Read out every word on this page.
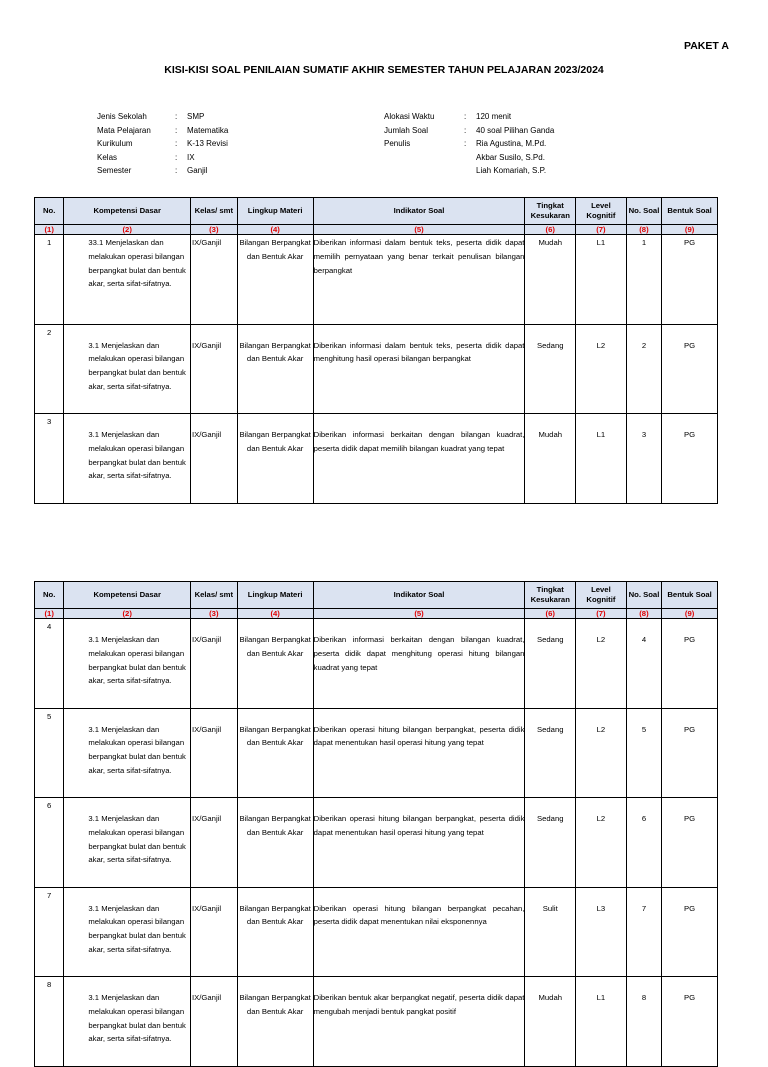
PAKET A
KISI-KISI SOAL PENILAIAN SUMATIF AKHIR SEMESTER TAHUN PELAJARAN 2023/2024
Jenis Sekolah	:	SMP
Mata Pelajaran	:	Matematika
Kurikulum	:	K-13 Revisi
Kelas	:	IX
Semester	:	Ganjil
Alokasi Waktu	:	120 menit
Jumlah Soal	:	40 soal Pilihan Ganda
Penulis	:	Ria Agustina, M.Pd.
Akbar Susilo, S.Pd.
Liah Komariah, S.P.
No.	Kompetensi Dasar	Kelas/ smt	Lingkup Materi	Indikator Soal	Tingkat Kesukaran	Level Kognitif	No. Soal	Bentuk Soal
(1)	(2)	(3)	(4)	(5)	(6)	(7)	(8)	(9)
1	33.1 Menjelaskan dan melakukan operasi bilangan berpangkat bulat dan bentuk akar, serta sifat-sifatnya.	IX/Ganjil	Bilangan Berpangkat dan Bentuk Akar	Diberikan informasi dalam bentuk teks, peserta didik dapat memilih pernyataan yang benar terkait penulisan bilangan berpangkat	Mudah	L1	1	PG
2	3.1 Menjelaskan dan melakukan operasi bilangan berpangkat bulat dan bentuk akar, serta sifat-sifatnya.	IX/Ganjil	Bilangan Berpangkat dan Bentuk Akar	Diberikan informasi dalam bentuk teks, peserta didik dapat menghitung hasil operasi bilangan berpangkat	Sedang	L2	2	PG
3	3.1 Menjelaskan dan melakukan operasi bilangan berpangkat bulat dan bentuk akar, serta sifat-sifatnya.	IX/Ganjil	Bilangan Berpangkat dan Bentuk Akar	Diberikan informasi berkaitan dengan bilangan kuadrat, peserta didik dapat memilih bilangan kuadrat yang tepat	Mudah	L1	3	PG
No.	Kompetensi Dasar	Kelas/ smt	Lingkup Materi	Indikator Soal	Tingkat Kesukaran	Level Kognitif	No. Soal	Bentuk Soal
(1)	(2)	(3)	(4)	(5)	(6)	(7)	(8)	(9)
4	3.1 Menjelaskan dan melakukan operasi bilangan berpangkat bulat dan bentuk akar, serta sifat-sifatnya.	IX/Ganjil	Bilangan Berpangkat dan Bentuk Akar	Diberikan informasi berkaitan dengan bilangan kuadrat, peserta didik dapat menghitung operasi hitung bilangan kuadrat yang tepat	Sedang	L2	4	PG
5	3.1 Menjelaskan dan melakukan operasi bilangan berpangkat bulat dan bentuk akar, serta sifat-sifatnya.	IX/Ganjil	Bilangan Berpangkat dan Bentuk Akar	Diberikan operasi hitung bilangan berpangkat, peserta didik dapat menentukan hasil operasi hitung yang tepat	Sedang	L2	5	PG
6	3.1 Menjelaskan dan melakukan operasi bilangan berpangkat bulat dan bentuk akar, serta sifat-sifatnya.	IX/Ganjil	Bilangan Berpangkat dan Bentuk Akar	Diberikan operasi hitung bilangan berpangkat, peserta didik dapat menentukan hasil operasi hitung yang tepat	Sedang	L2	6	PG
7	3.1 Menjelaskan dan melakukan operasi bilangan berpangkat bulat dan bentuk akar, serta sifat-sifatnya.	IX/Ganjil	Bilangan Berpangkat dan Bentuk Akar	Diberikan operasi hitung bilangan berpangkat pecahan, peserta didik dapat menentukan nilai eksponennya	Sulit	L3	7	PG
8	3.1 Menjelaskan dan melakukan operasi bilangan berpangkat bulat dan bentuk akar, serta sifat-sifatnya.	IX/Ganjil	Bilangan Berpangkat dan Bentuk Akar	Diberikan bentuk akar berpangkat negatif, peserta didik dapat mengubah menjadi bentuk pangkat positif	Mudah	L1	8	PG
